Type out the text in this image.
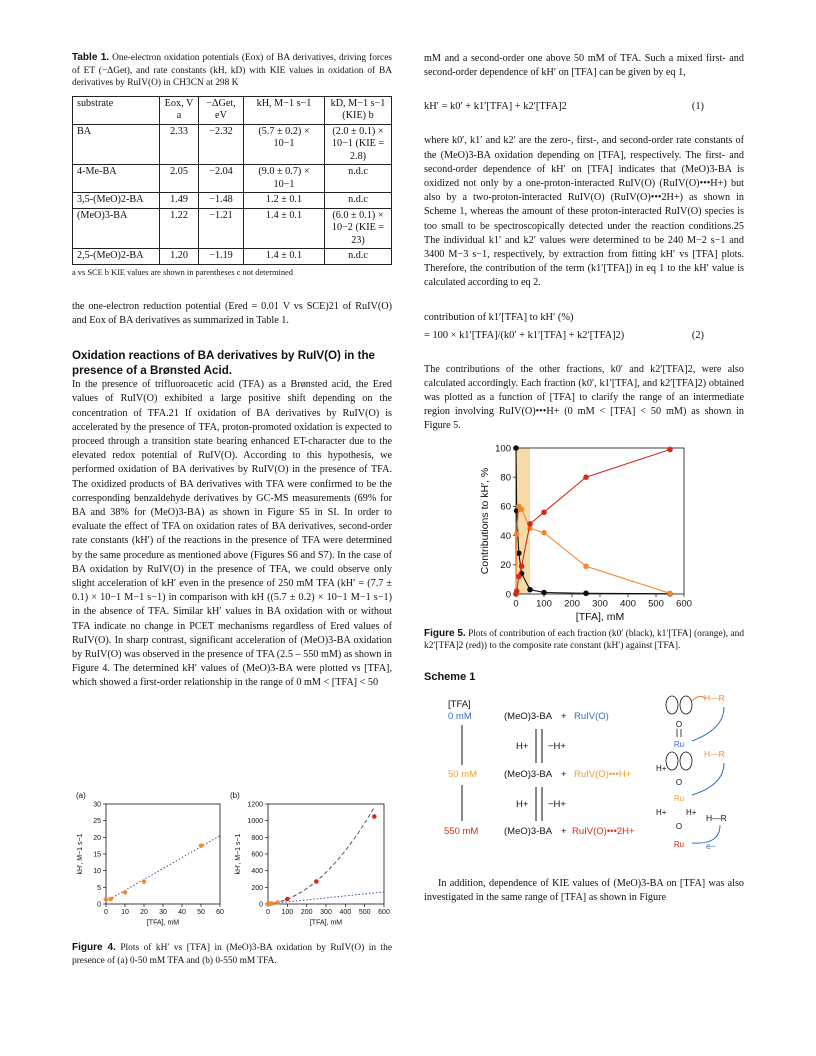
Table 1. One-electron oxidation potentials (Eox) of BA derivatives, driving forces of ET (−ΔGet), and rate constants (kH, kD) with KIE values in oxidation of BA derivatives by RuIV(O) in CH3CN at 298 K

substrate	Eox, V a	−ΔGet, eV	kH, M−1 s−1	kD, M−1 s−1 (KIE) b
BA	2.33	−2.32	(5.7 ± 0.2) × 10−1	(2.0 ± 0.1) × 10−1 (KIE = 2.8)
4-Me-BA	2.05	−2.04	(9.0 ± 0.7) × 10−1	n.d.c
3,5-(MeO)2-BA	1.49	−1.48	1.2 ± 0.1	n.d.c
(MeO)3-BA	1.22	−1.21	1.4 ± 0.1	(6.0 ± 0.1) × 10−2 (KIE = 23)
2,5-(MeO)2-BA	1.20	−1.19	1.4 ± 0.1	n.d.c
a vs SCE b KIE values are shown in parentheses c not determined

the one-electron reduction potential (Ered = 0.01 V vs SCE)21 of RuIV(O) and Eox of BA derivatives as summarized in Table 1.

Oxidation reactions of BA derivatives by RuIV(O) in the presence of a Brønsted Acid.

In the presence of trifluoroacetic acid (TFA) as a Brønsted acid, the Ered values of RuIV(O) exhibited a large positive shift depending on the concentration of TFA.21 If oxidation of BA derivatives by RuIV(O) is accelerated by the presence of TFA, proton-promoted oxidation is expected to proceed through a transition state bearing enhanced ET-character due to the elevated redox potential of RuIV(O). According to this hypothesis, we performed oxidation of BA derivatives by RuIV(O) in the presence of TFA. The oxidized products of BA derivatives with TFA were confirmed to be the corresponding benzaldehyde derivatives by GC-MS measurements (69% for BA and 38% for (MeO)3-BA) as shown in Figure S5 in SI. In order to evaluate the effect of TFA on oxidation rates of BA derivatives, second-order rate constants (kH′) of the reactions in the presence of TFA were determined by the same procedure as mentioned above (Figures S6 and S7). In the case of BA oxidation by RuIV(O) in the presence of TFA, we could observe only slight acceleration of kH′ even in the presence of 250 mM TFA (kH′ = (7.7 ± 0.1) × 10−1 M−1 s−1) in comparison with kH ((5.7 ± 0.2) × 10−1 M−1 s−1) in the absence of TFA. Similar kH′ values in BA oxidation with or without TFA indicate no change in PCET mechanisms regardless of Ered values of RuIV(O). In sharp contrast, significant acceleration of (MeO)3-BA oxidation by RuIV(O) was observed in the presence of TFA (2.5 – 550 mM) as shown in Figure 4. The determined kH′ values of (MeO)3-BA were plotted vs [TFA], which showed a first-order relationship in the range of 0 mM < [TFA] < 50

0 10 20 30 40 50 60
0
5
10
15
20
25
30
[TFA], mM
kH′, M−1 s−1
(a)
0 100 200 300 400 500 600
0
200
400
600
800
1000
1200
[TFA], mM
kH′, M−1 s−1
(b)

Figure 4. Plots of kH′ vs [TFA] in (MeO)3-BA oxidation by RuIV(O) in the presence of (a) 0-50 mM TFA and (b) 0-550 mM TFA.

mM and a second-order one above 50 mM of TFA. Such a mixed first- and second-order dependence of kH′ on [TFA] can be given by eq 1,

kH′ = k0′ + k1′[TFA] + k2′[TFA]2	(1)

where k0′, k1′ and k2′ are the zero-, first-, and second-order rate constants of the (MeO)3-BA oxidation depending on [TFA], respectively. The first- and second-order dependence of kH′ on [TFA] indicates that (MeO)3-BA is oxidized not only by a one-proton-interacted RuIV(O) (RuIV(O)•••H+) but also by a two-proton-interacted RuIV(O) (RuIV(O)•••2H+) as shown in Scheme 1, whereas the amount of these proton-interacted RuIV(O) species is too small to be spectroscopically detected under the reaction conditions.25 The individual k1′ and k2′ values were determined to be 240 M−2 s−1 and 3400 M−3 s−1, respectively, by extraction from fitting kH′ vs [TFA] plots. Therefore, the contribution of the term (k1′[TFA]) in eq 1 to the kH′ value is calculated according to eq 2.

contribution of k1′[TFA] to kH′ (%)
= 100 × k1′[TFA]/(k0′ + k1′[TFA] + k2′[TFA]2)	(2)

The contributions of the other fractions, k0′ and k2′[TFA]2, were also calculated accordingly. Each fraction (k0′, k1′[TFA], and k2′[TFA]2) obtained was plotted as a function of [TFA] to clarify the range of an intermediate region involving RuIV(O)•••H+ (0 mM < [TFA] < 50 mM) as shown in Figure 5.

0 100 200 300 400 500 600
0
20
40
60
80
100
[TFA], mM
Contributions to kH′, %

Figure 5. Plots of contribution of each fraction (k0′ (black), k1′[TFA] (orange), and k2′[TFA]2 (red)) to the composite rate constant (kH′) against [TFA].

Scheme 1
[TFA]
0 mM
50 mM
550 mM
(MeO)3-BA + RuIV(O)
H+ −H+
(MeO)3-BA + RuIV(O)•••H+
H+ −H+
(MeO)3-BA + RuIV(O)•••2H+
O
Ru
H—R
H+
O
Ru
H—R
H+ H+
O
Ru
H—R
e−

In addition, dependence of KIE values of (MeO)3-BA on [TFA] was also investigated in the same range of [TFA] as shown in Figure
